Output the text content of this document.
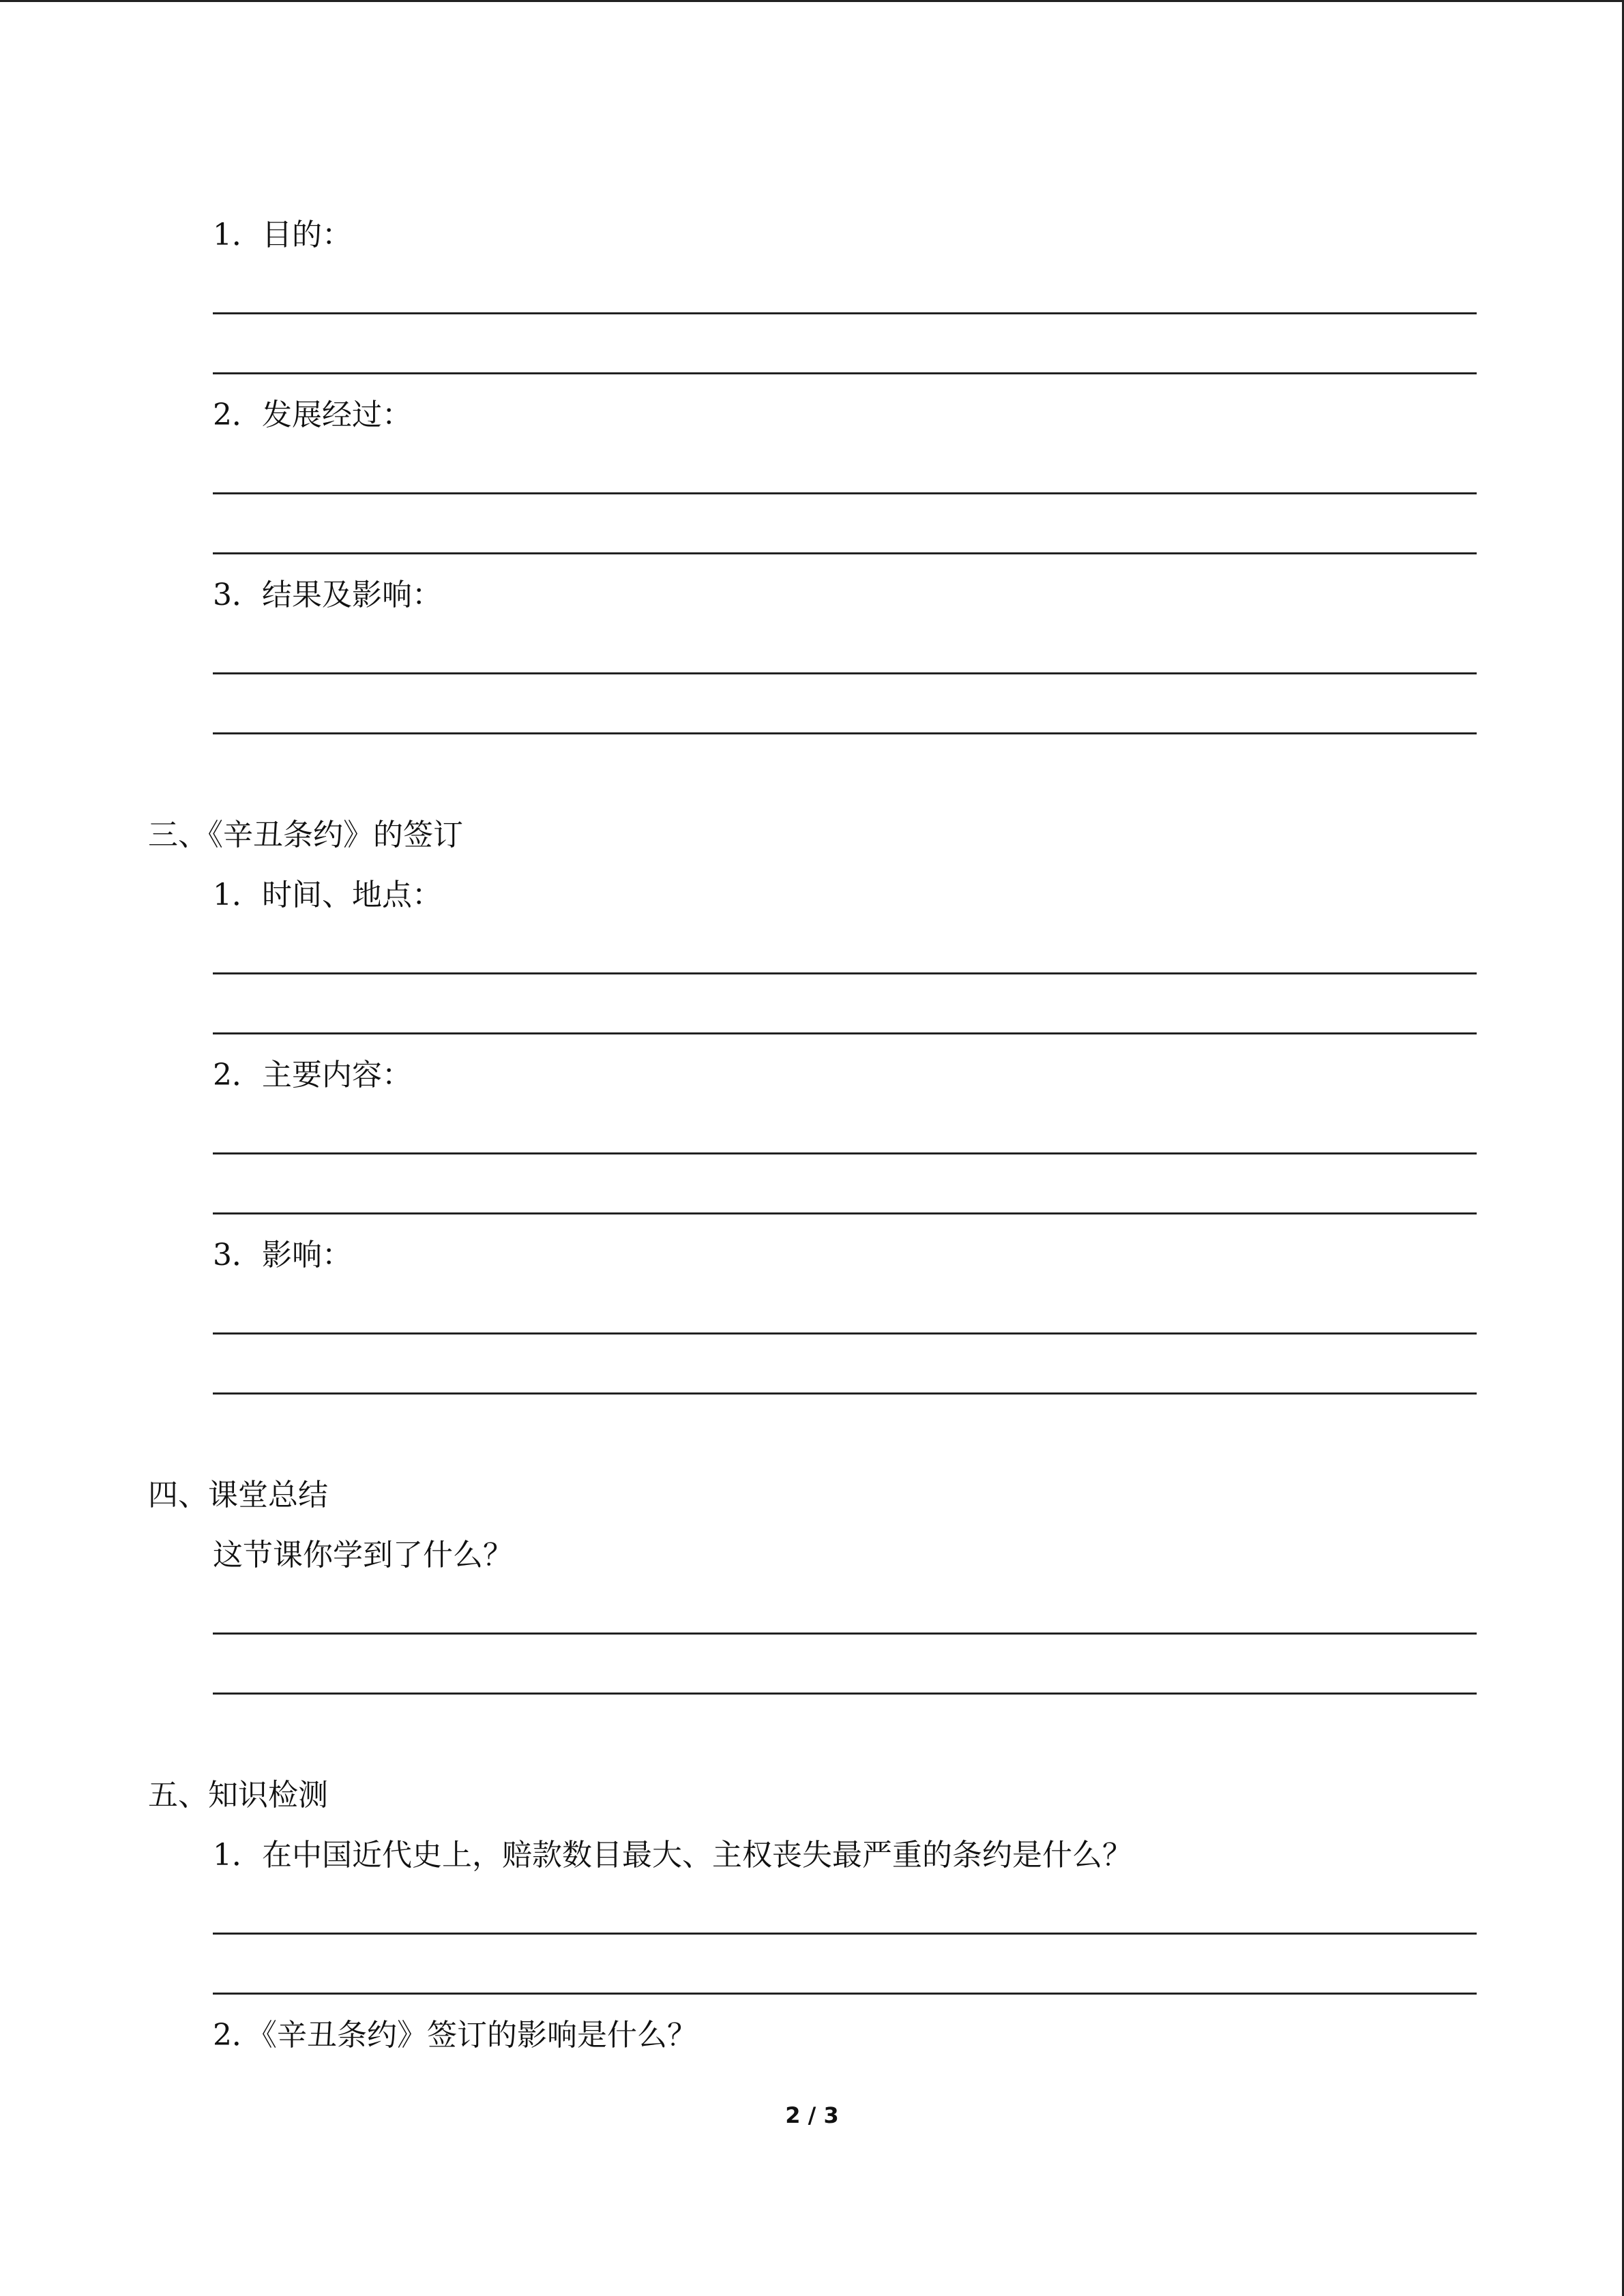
1．目的：
2．发展经过：
3．结果及影响：
三、《辛丑条约》的签订
1．时间、地点：
2．主要内容：
3．影响：
四、课堂总结
这节课你学到了什么？
五、知识检测
1．在中国近代史上，赔款数目最大、主权丧失最严重的条约是什么？
2．《辛丑条约》签订的影响是什么？
2 / 3
